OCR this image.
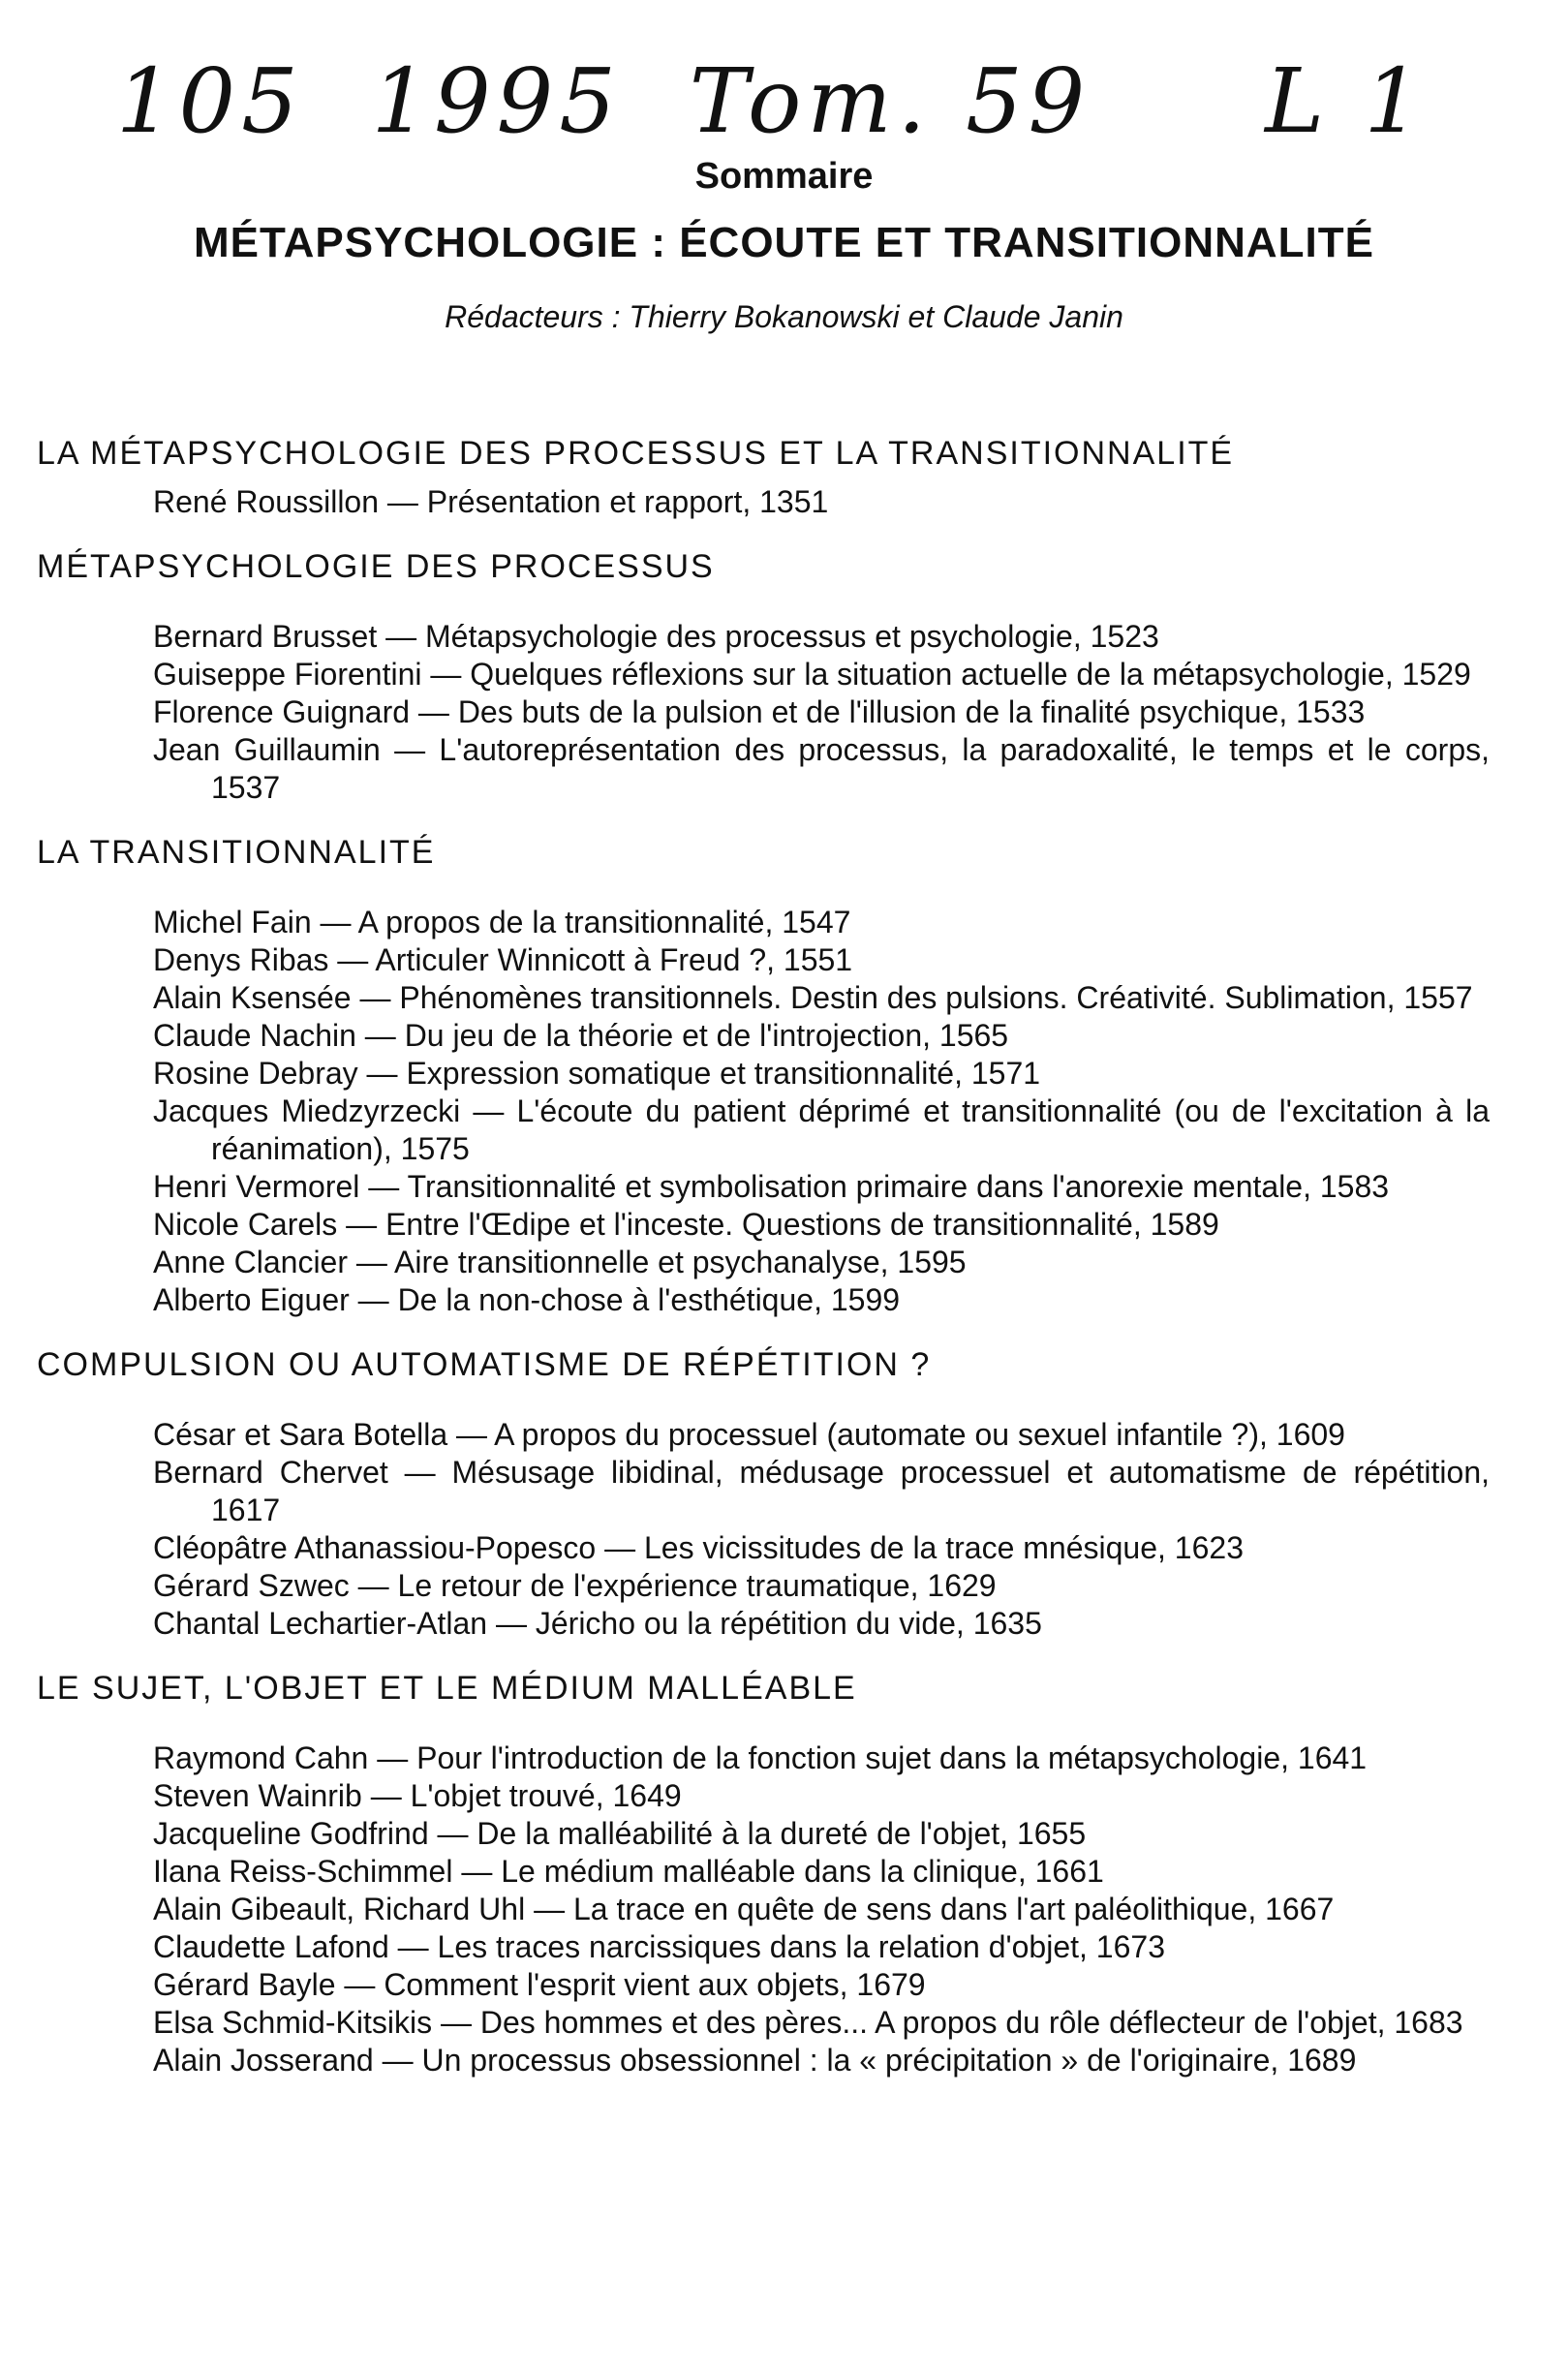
105 1995 Tom. 59 L 1
Sommaire
MÉTAPSYCHOLOGIE : ÉCOUTE ET TRANSITIONNALITÉ
Rédacteurs : Thierry Bokanowski et Claude Janin
LA MÉTAPSYCHOLOGIE DES PROCESSUS ET LA TRANSITIONNALITÉ
René Roussillon — Présentation et rapport, 1351
MÉTAPSYCHOLOGIE DES PROCESSUS
Bernard Brusset — Métapsychologie des processus et psychologie, 1523
Guiseppe Fiorentini — Quelques réflexions sur la situation actuelle de la métapsychologie, 1529
Florence Guignard — Des buts de la pulsion et de l'illusion de la finalité psychique, 1533
Jean Guillaumin — L'autoreprésentation des processus, la paradoxalité, le temps et le corps, 1537
LA TRANSITIONNALITÉ
Michel Fain — A propos de la transitionnalité, 1547
Denys Ribas — Articuler Winnicott à Freud ?, 1551
Alain Ksensée — Phénomènes transitionnels. Destin des pulsions. Créativité. Sublimation, 1557
Claude Nachin — Du jeu de la théorie et de l'introjection, 1565
Rosine Debray — Expression somatique et transitionnalité, 1571
Jacques Miedzyrzecki — L'écoute du patient déprimé et transitionnalité (ou de l'excitation à la réanimation), 1575
Henri Vermorel — Transitionnalité et symbolisation primaire dans l'anorexie mentale, 1583
Nicole Carels — Entre l'Œdipe et l'inceste. Questions de transitionnalité, 1589
Anne Clancier — Aire transitionnelle et psychanalyse, 1595
Alberto Eiguer — De la non-chose à l'esthétique, 1599
COMPULSION OU AUTOMATISME DE RÉPÉTITION ?
César et Sara Botella — A propos du processuel (automate ou sexuel infantile ?), 1609
Bernard Chervet — Mésusage libidinal, médusage processuel et automatisme de répétition, 1617
Cléopâtre Athanassiou-Popesco — Les vicissitudes de la trace mnésique, 1623
Gérard Szwec — Le retour de l'expérience traumatique, 1629
Chantal Lechartier-Atlan — Jéricho ou la répétition du vide, 1635
LE SUJET, L'OBJET ET LE MÉDIUM MALLÉABLE
Raymond Cahn — Pour l'introduction de la fonction sujet dans la métapsychologie, 1641
Steven Wainrib — L'objet trouvé, 1649
Jacqueline Godfrind — De la malléabilité à la dureté de l'objet, 1655
Ilana Reiss-Schimmel — Le médium malléable dans la clinique, 1661
Alain Gibeault, Richard Uhl — La trace en quête de sens dans l'art paléolithique, 1667
Claudette Lafond — Les traces narcissiques dans la relation d'objet, 1673
Gérard Bayle — Comment l'esprit vient aux objets, 1679
Elsa Schmid-Kitsikis — Des hommes et des pères... A propos du rôle déflecteur de l'objet, 1683
Alain Josserand — Un processus obsessionnel : la « précipitation » de l'originaire, 1689
